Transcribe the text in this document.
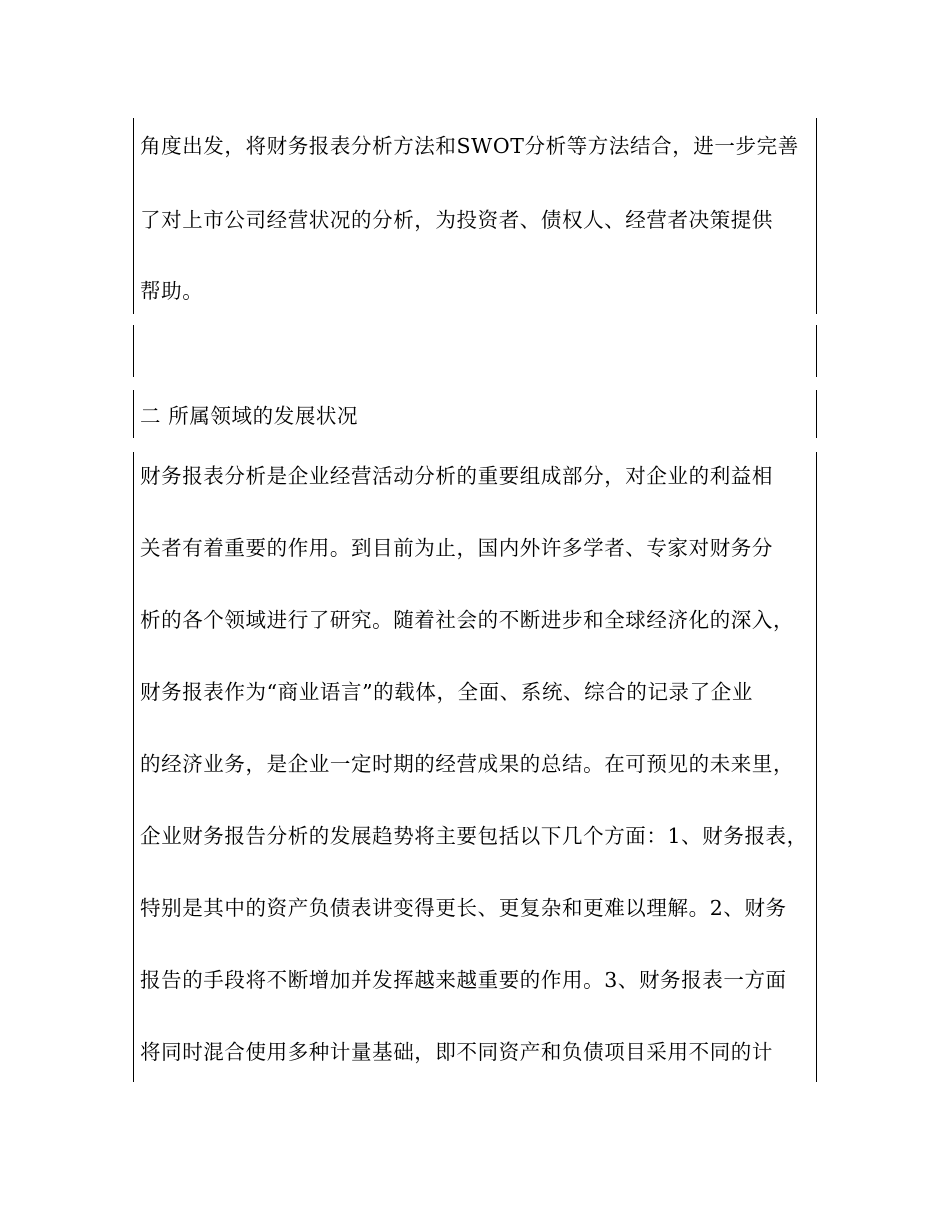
角度出发，将财务报表分析方法和SWOT分析等方法结合，进一步完善
了对上市公司经营状况的分析，为投资者、债权人、经营者决策提供
帮助。
二 所属领域的发展状况
财务报表分析是企业经营活动分析的重要组成部分，对企业的利益相
关者有着重要的作用。到目前为止，国内外许多学者、专家对财务分
析的各个领域进行了研究。随着社会的不断进步和全球经济化的深入，
财务报表作为“商业语言”的载体，全面、系统、综合的记录了企业
的经济业务，是企业一定时期的经营成果的总结。在可预见的未来里，
企业财务报告分析的发展趋势将主要包括以下几个方面：1、财务报表，
特别是其中的资产负债表讲变得更长、更复杂和更难以理解。2、财务
报告的手段将不断增加并发挥越来越重要的作用。3、财务报表一方面
将同时混合使用多种计量基础，即不同资产和负债项目采用不同的计
